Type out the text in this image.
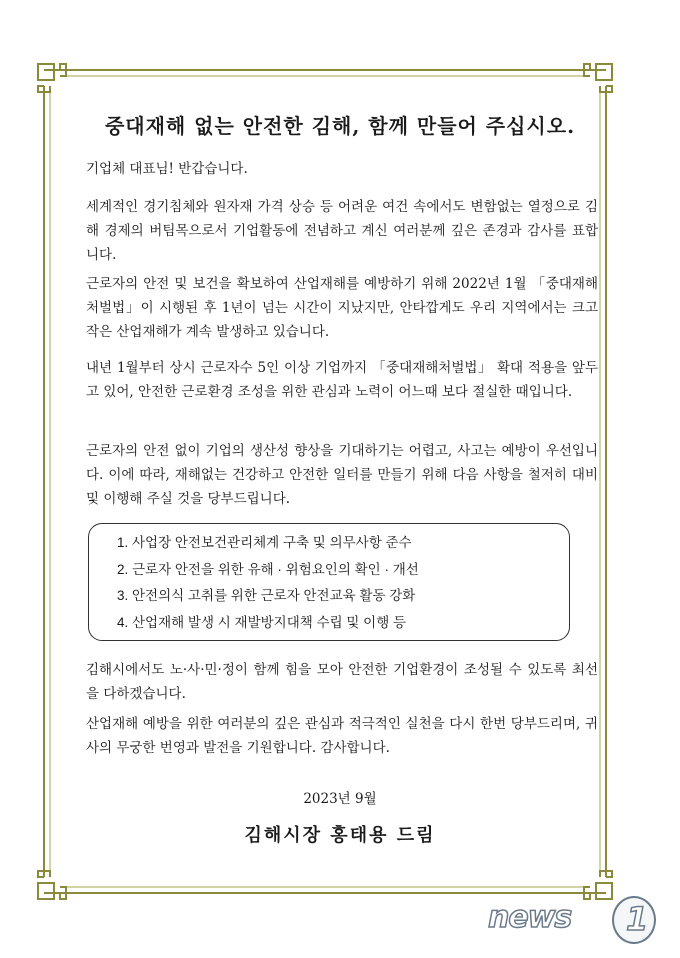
중대재해 없는 안전한 김해, 함께 만들어 주십시오.

기업체 대표님! 반갑습니다.

세계적인 경기침체와 원자재 가격 상승 등 어려운 여건 속에서도 변함없는 열정으로 김해 경제의 버팀목으로서 기업활동에 전념하고 계신 여러분께 깊은 존경과 감사를 표합니다.

근로자의 안전 및 보건을 확보하여 산업재해를 예방하기 위해 2022년 1월 「중대재해처벌법」이 시행된 후 1년이 넘는 시간이 지났지만, 안타깝게도 우리 지역에서는 크고 작은 산업재해가 계속 발생하고 있습니다.

내년 1월부터 상시 근로자수 5인 이상 기업까지 「중대재해처벌법」 확대 적용을 앞두고 있어, 안전한 근로환경 조성을 위한 관심과 노력이 어느때 보다 절실한 때입니다.

근로자의 안전 없이 기업의 생산성 향상을 기대하기는 어렵고, 사고는 예방이 우선입니다. 이에 따라, 재해없는 건강하고 안전한 일터를 만들기 위해 다음 사항을 철저히 대비 및 이행해 주실 것을 당부드립니다.

1. 사업장 안전보건관리체계 구축 및 의무사항 준수
2. 근로자 안전을 위한 유해 · 위험요인의 확인 · 개선
3. 안전의식 고취를 위한 근로자 안전교육 활동 강화
4. 산업재해 발생 시 재발방지대책 수립 및 이행 등

김해시에서도 노·사·민·정이 함께 힘을 모아 안전한 기업환경이 조성될 수 있도록 최선을 다하겠습니다.

산업재해 예방을 위한 여러분의 깊은 관심과 적극적인 실천을 다시 한번 당부드리며, 귀 사의 무궁한 번영과 발전을 기원합니다. 감사합니다.

2023년 9월
김해시장 홍태용 드림
news 1
